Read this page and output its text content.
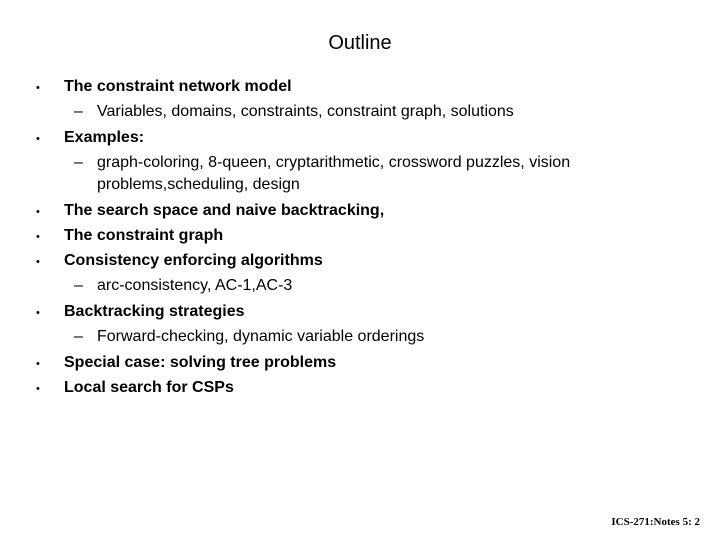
Outline
• The constraint network model
– Variables, domains, constraints, constraint graph, solutions
• Examples:
– graph-coloring, 8-queen, cryptarithmetic, crossword puzzles, vision problems,scheduling, design
• The search space and naive backtracking,
• The constraint graph
• Consistency enforcing algorithms
– arc-consistency, AC-1,AC-3
• Backtracking strategies
– Forward-checking, dynamic variable orderings
• Special case: solving tree problems
• Local search for CSPs
ICS-271:Notes 5: 2
